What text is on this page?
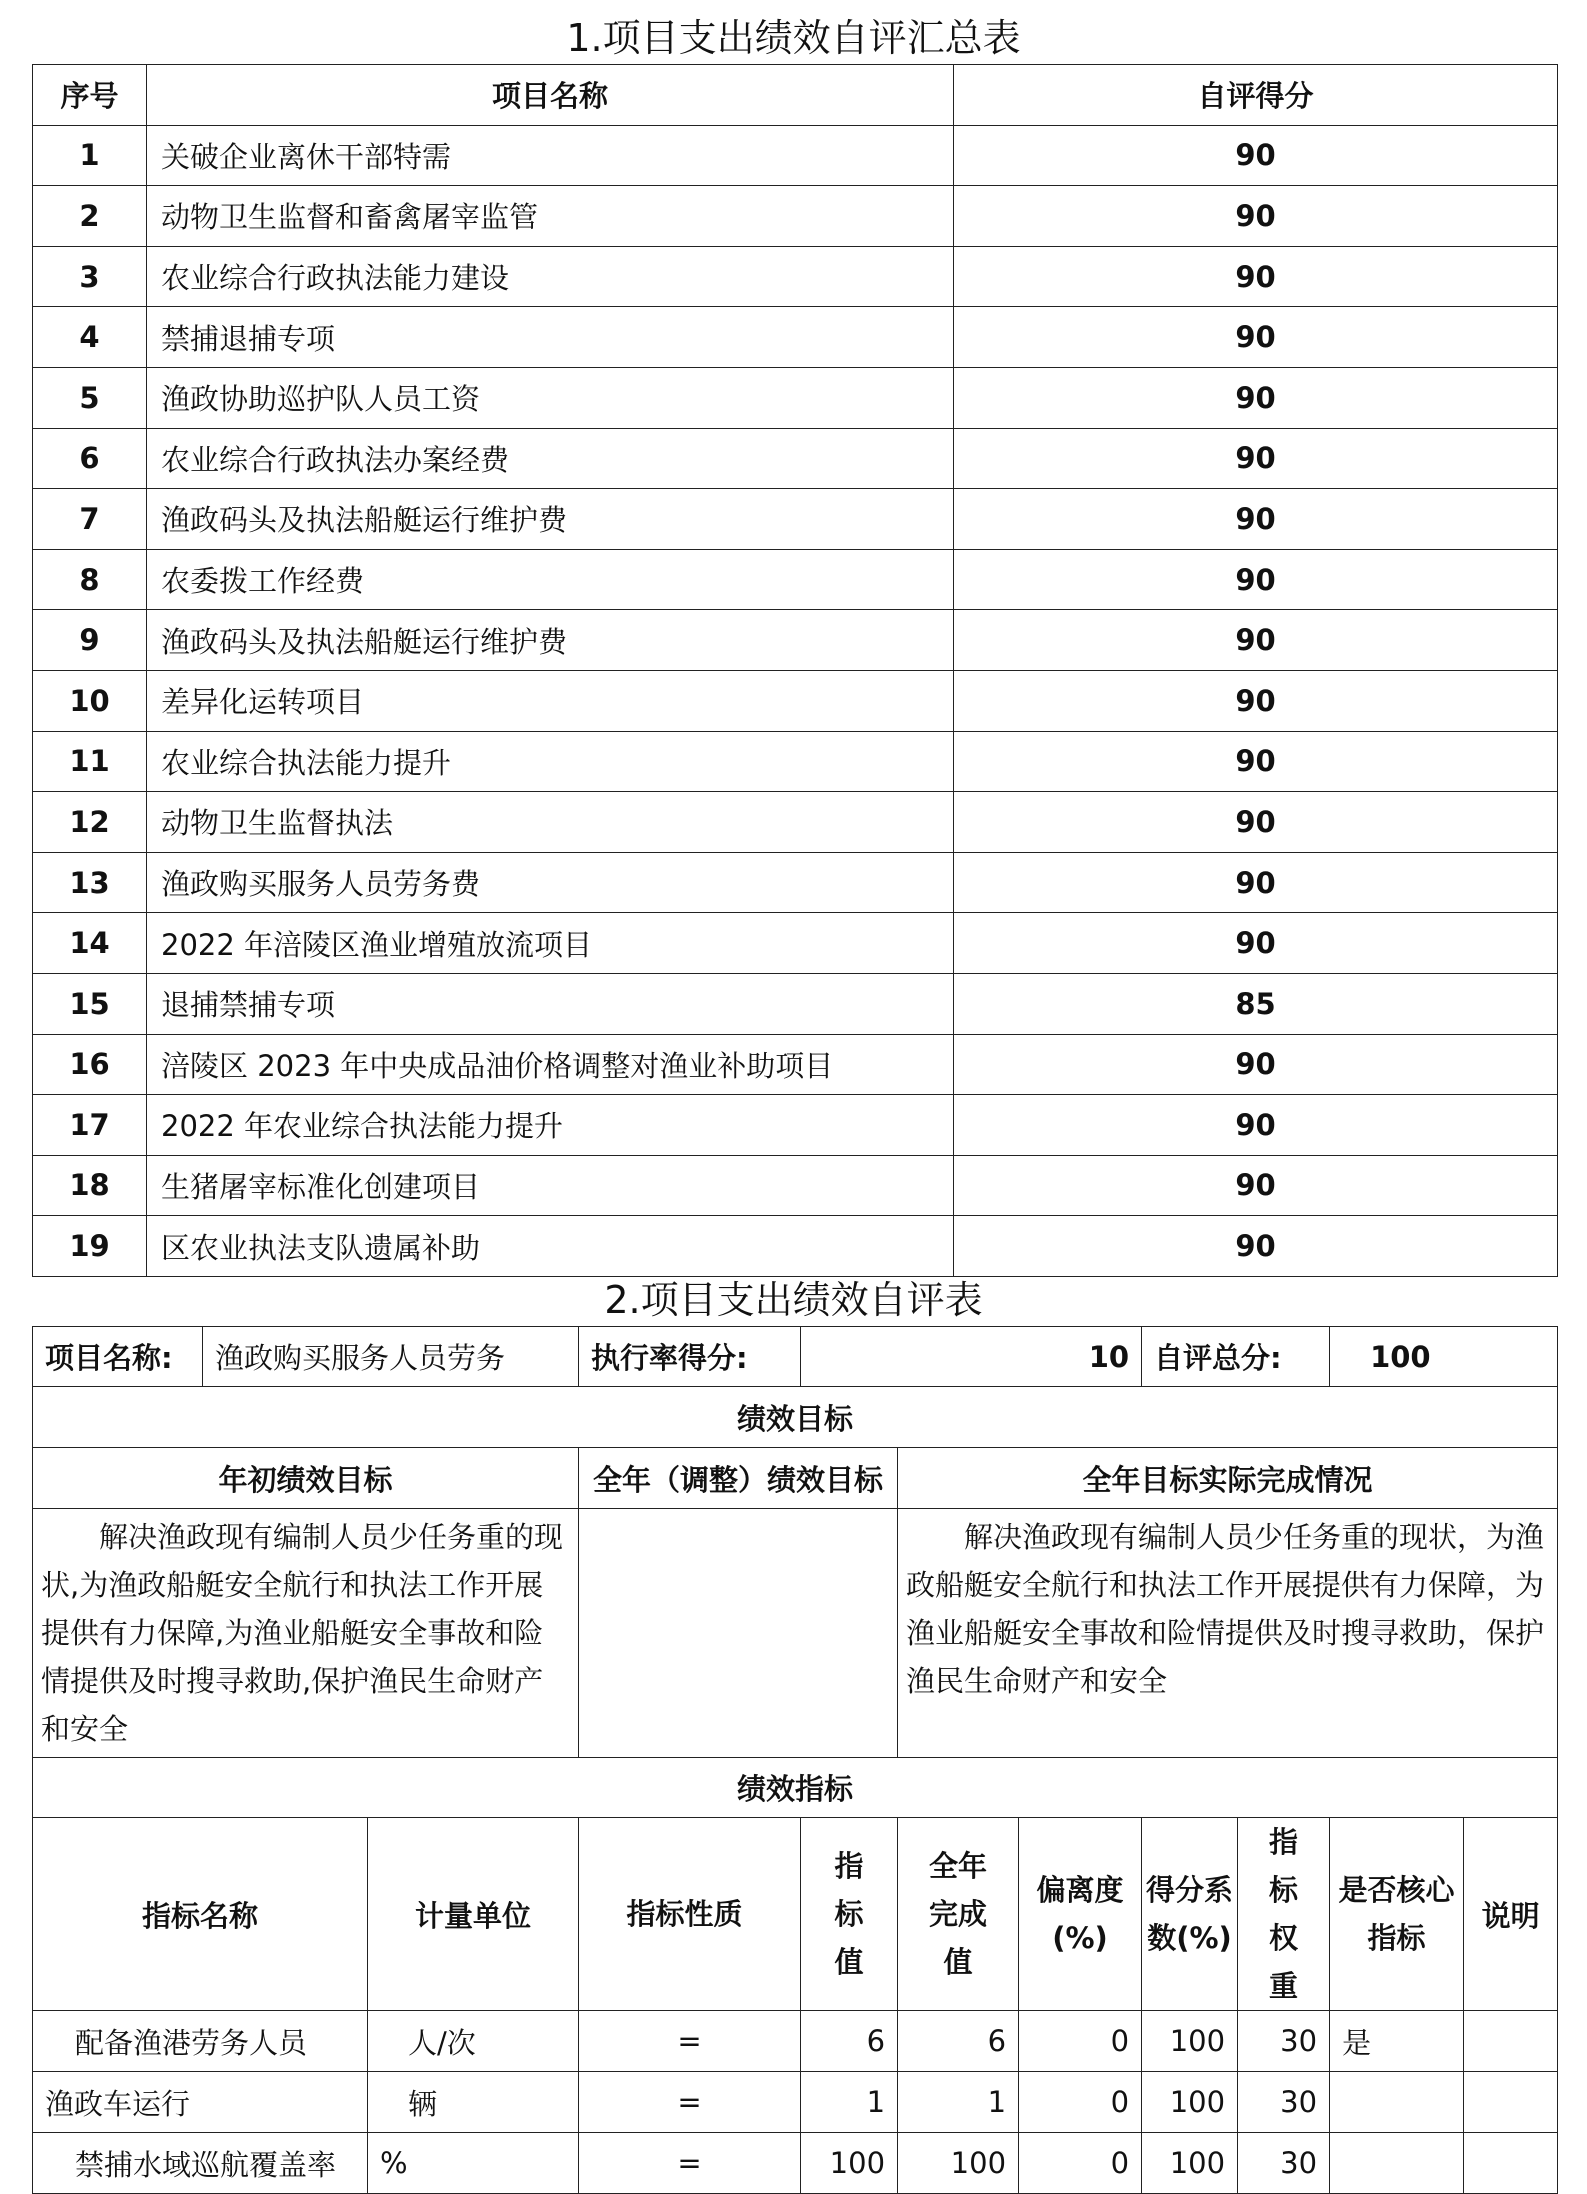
1.项目支出绩效自评汇总表
序号	项目名称	自评得分
1	关破企业离休干部特需	90
2	动物卫生监督和畜禽屠宰监管	90
3	农业综合行政执法能力建设	90
4	禁捕退捕专项	90
5	渔政协助巡护队人员工资	90
6	农业综合行政执法办案经费	90
7	渔政码头及执法船艇运行维护费	90
8	农委拨工作经费	90
9	渔政码头及执法船艇运行维护费	90
10	差异化运转项目	90
11	农业综合执法能力提升	90
12	动物卫生监督执法	90
13	渔政购买服务人员劳务费	90
14	2022 年涪陵区渔业增殖放流项目	90
15	退捕禁捕专项	85
16	涪陵区 2023 年中央成品油价格调整对渔业补助项目	90
17	2022 年农业综合执法能力提升	90
18	生猪屠宰标准化创建项目	90
19	区农业执法支队遗属补助	90
2.项目支出绩效自评表
项目名称:	渔政购买服务人员劳务		执行率得分:	10			自评总分:		100	
绩效目标										
年初绩效目标			全年（调整）绩效目标		全年目标实际完成情况					
解决渔政现有编制人员少任务重的现状,为渔政船艇安全航行和执法工作开展提供有力保障,为渔业船艇安全事故和险情提供及时搜寻救助,保护渔民生命财产和安全					解决渔政现有编制人员少任务重的现状，为渔政船艇安全航行和执法工作开展提供有力保障，为渔业船艇安全事故和险情提供及时搜寻救助，保护渔民生命财产和安全					
绩效指标										
指标名称		计量单位	指标性质	指标值	全年完成值	偏离度(%)	得分系数(%)	指标权重	是否核心指标	说明
配备渔港劳务人员		人/次	=	6	6	0	100	30	是	
渔政车运行		辆	=	1	1	0	100	30		
禁捕水域巡航覆盖率		%	=	100	100	0	100	30		
